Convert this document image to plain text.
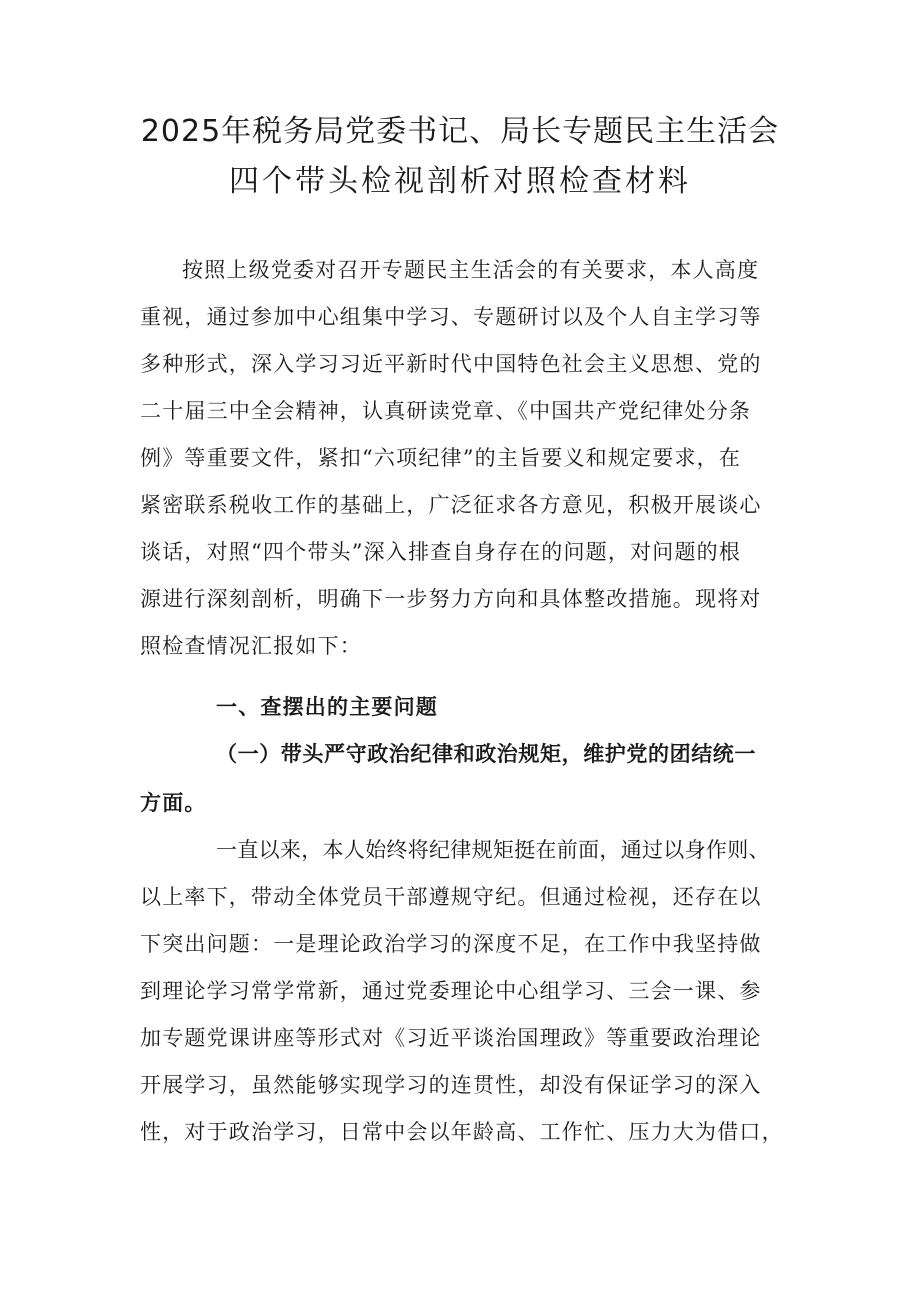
2025年税务局党委书记、局长专题民主生活会
四个带头检视剖析对照检查材料
按照上级党委对召开专题民主生活会的有关要求，本人高度
重视，通过参加中心组集中学习、专题研讨以及个人自主学习等
多种形式，深入学习习近平新时代中国特色社会主义思想、党的
二十届三中全会精神，认真研读党章、《中国共产党纪律处分条
例》等重要文件，紧扣“六项纪律”的主旨要义和规定要求，在
紧密联系税收工作的基础上，广泛征求各方意见，积极开展谈心
谈话，对照“四个带头”深入排查自身存在的问题，对问题的根
源进行深刻剖析，明确下一步努力方向和具体整改措施。现将对
照检查情况汇报如下：
一、查摆出的主要问题
（一）带头严守政治纪律和政治规矩，维护党的团结统一
方面。
一直以来，本人始终将纪律规矩挺在前面，通过以身作则、
以上率下，带动全体党员干部遵规守纪。但通过检视，还存在以
下突出问题：一是理论政治学习的深度不足，在工作中我坚持做
到理论学习常学常新，通过党委理论中心组学习、三会一课、参
加专题党课讲座等形式对《习近平谈治国理政》等重要政治理论
开展学习，虽然能够实现学习的连贯性，却没有保证学习的深入
性，对于政治学习，日常中会以年龄高、工作忙、压力大为借口，
